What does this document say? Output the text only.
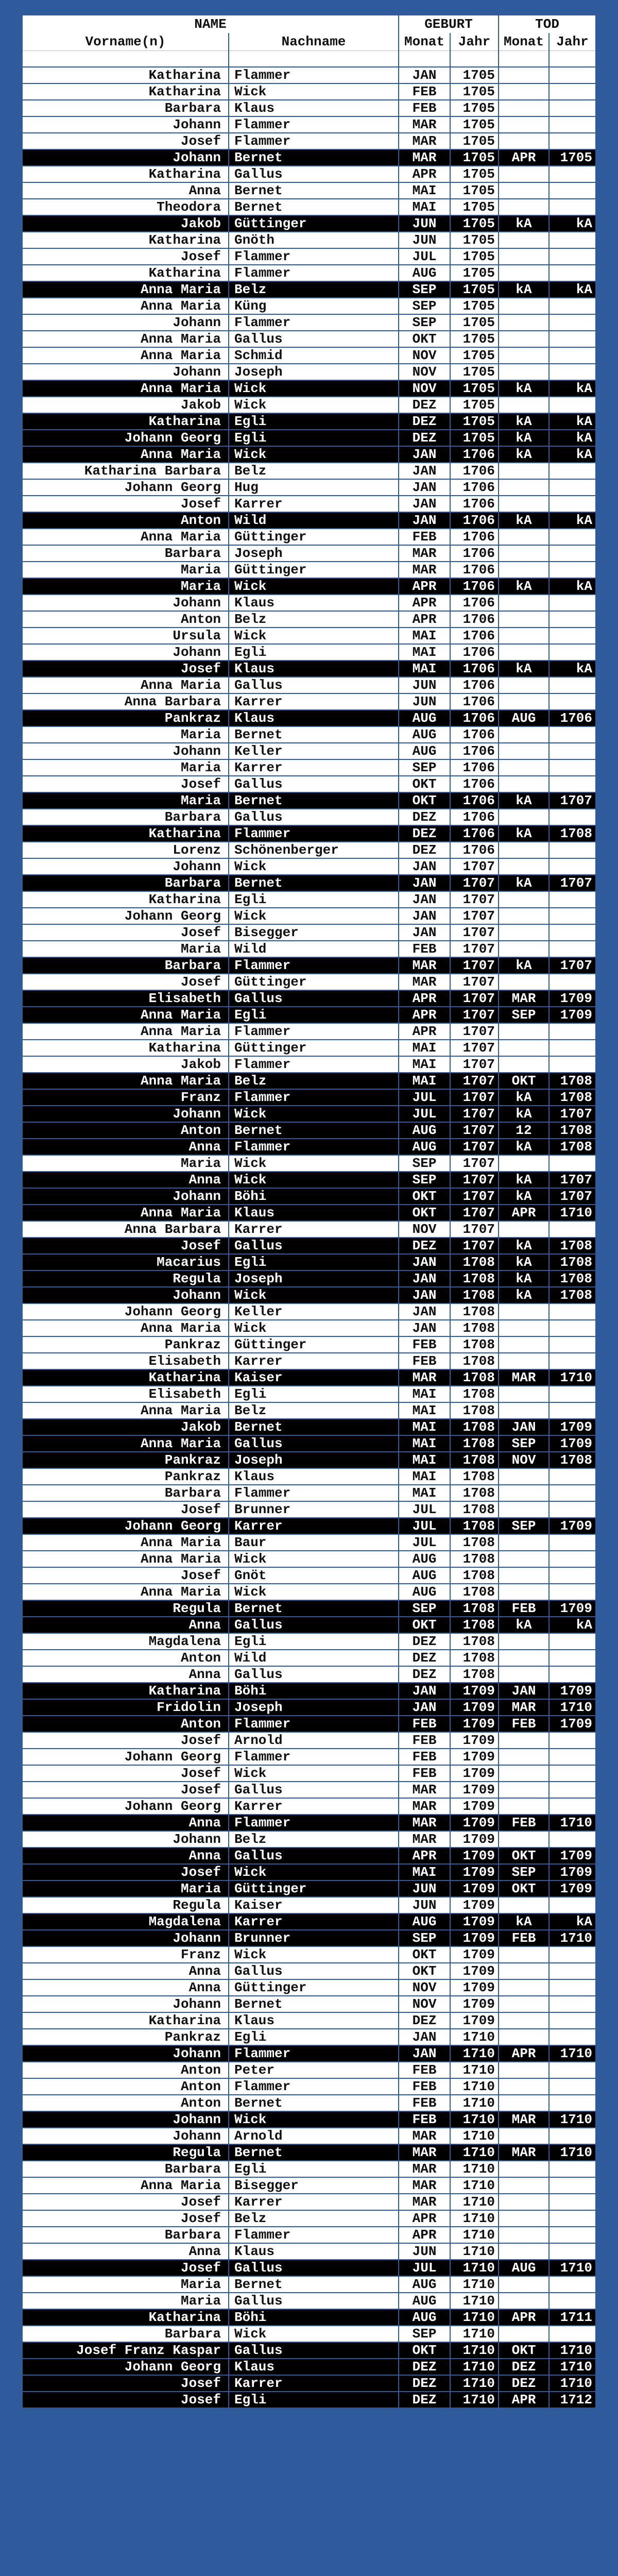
NAME		GEBURT		TOD	
Vorname(n)	Nachname	Monat	Jahr	Monat	Jahr

Katharina	Flammer	JAN	1705		
Katharina	Wick	FEB	1705		
Barbara	Klaus	FEB	1705		
Johann	Flammer	MAR	1705		
Josef	Flammer	MAR	1705		
Johann	Bernet	MAR	1705	APR	1705
Katharina	Gallus	APR	1705		
Anna	Bernet	MAI	1705		
Theodora	Bernet	MAI	1705		
Jakob	Güttinger	JUN	1705	kA	kA
Katharina	Gnöth	JUN	1705		
Josef	Flammer	JUL	1705		
Katharina	Flammer	AUG	1705		
Anna Maria	Belz	SEP	1705	kA	kA
Anna Maria	Küng	SEP	1705		
Johann	Flammer	SEP	1705		
Anna Maria	Gallus	OKT	1705		
Anna Maria	Schmid	NOV	1705		
Johann	Joseph	NOV	1705		
Anna Maria	Wick	NOV	1705	kA	kA
Jakob	Wick	DEZ	1705		
Katharina	Egli	DEZ	1705	kA	kA
Johann Georg	Egli	DEZ	1705	kA	kA
Anna Maria	Wick	JAN	1706	kA	kA
Katharina Barbara	Belz	JAN	1706		
Johann Georg	Hug	JAN	1706		
Josef	Karrer	JAN	1706		
Anton	Wild	JAN	1706	kA	kA
Anna Maria	Güttinger	FEB	1706		
Barbara	Joseph	MAR	1706		
Maria	Güttinger	MAR	1706		
Maria	Wick	APR	1706	kA	kA
Johann	Klaus	APR	1706		
Anton	Belz	APR	1706		
Ursula	Wick	MAI	1706		
Johann	Egli	MAI	1706		
Josef	Klaus	MAI	1706	kA	kA
Anna Maria	Gallus	JUN	1706		
Anna Barbara	Karrer	JUN	1706		
Pankraz	Klaus	AUG	1706	AUG	1706
Maria	Bernet	AUG	1706		
Johann	Keller	AUG	1706		
Maria	Karrer	SEP	1706		
Josef	Gallus	OKT	1706		
Maria	Bernet	OKT	1706	kA	1707
Barbara	Gallus	DEZ	1706		
Katharina	Flammer	DEZ	1706	kA	1708
Lorenz	Schönenberger	DEZ	1706		
Johann	Wick	JAN	1707		
Barbara	Bernet	JAN	1707	kA	1707
Katharina	Egli	JAN	1707		
Johann Georg	Wick	JAN	1707		
Josef	Bisegger	JAN	1707		
Maria	Wild	FEB	1707		
Barbara	Flammer	MAR	1707	kA	1707
Josef	Güttinger	MAR	1707		
Elisabeth	Gallus	APR	1707	MAR	1709
Anna Maria	Egli	APR	1707	SEP	1709
Anna Maria	Flammer	APR	1707		
Katharina	Güttinger	MAI	1707		
Jakob	Flammer	MAI	1707		
Anna Maria	Belz	MAI	1707	OKT	1708
Franz	Flammer	JUL	1707	kA	1708
Johann	Wick	JUL	1707	kA	1707
Anton	Bernet	AUG	1707	12	1708
Anna	Flammer	AUG	1707	kA	1708
Maria	Wick	SEP	1707		
Anna	Wick	SEP	1707	kA	1707
Johann	Böhi	OKT	1707	kA	1707
Anna Maria	Klaus	OKT	1707	APR	1710
Anna Barbara	Karrer	NOV	1707		
Josef	Gallus	DEZ	1707	kA	1708
Macarius	Egli	JAN	1708	kA	1708
Regula	Joseph	JAN	1708	kA	1708
Johann	Wick	JAN	1708	kA	1708
Johann Georg	Keller	JAN	1708		
Anna Maria	Wick	JAN	1708		
Pankraz	Güttinger	FEB	1708		
Elisabeth	Karrer	FEB	1708		
Katharina	Kaiser	MAR	1708	MAR	1710
Elisabeth	Egli	MAI	1708		
Anna Maria	Belz	MAI	1708		
Jakob	Bernet	MAI	1708	JAN	1709
Anna Maria	Gallus	MAI	1708	SEP	1709
Pankraz	Joseph	MAI	1708	NOV	1708
Pankraz	Klaus	MAI	1708		
Barbara	Flammer	MAI	1708		
Josef	Brunner	JUL	1708		
Johann Georg	Karrer	JUL	1708	SEP	1709
Anna Maria	Baur	JUL	1708		
Anna Maria	Wick	AUG	1708		
Josef	Gnöt	AUG	1708		
Anna Maria	Wick	AUG	1708		
Regula	Bernet	SEP	1708	FEB	1709
Anna	Gallus	OKT	1708	kA	kA
Magdalena	Egli	DEZ	1708		
Anton	Wild	DEZ	1708		
Anna	Gallus	DEZ	1708		
Katharina	Böhi	JAN	1709	JAN	1709
Fridolin	Joseph	JAN	1709	MAR	1710
Anton	Flammer	FEB	1709	FEB	1709
Josef	Arnold	FEB	1709		
Johann Georg	Flammer	FEB	1709		
Josef	Wick	FEB	1709		
Josef	Gallus	MAR	1709		
Johann Georg	Karrer	MAR	1709		
Anna	Flammer	MAR	1709	FEB	1710
Johann	Belz	MAR	1709		
Anna	Gallus	APR	1709	OKT	1709
Josef	Wick	MAI	1709	SEP	1709
Maria	Güttinger	JUN	1709	OKT	1709
Regula	Kaiser	JUN	1709		
Magdalena	Karrer	AUG	1709	kA	kA
Johann	Brunner	SEP	1709	FEB	1710
Franz	Wick	OKT	1709		
Anna	Gallus	OKT	1709		
Anna	Güttinger	NOV	1709		
Johann	Bernet	NOV	1709		
Katharina	Klaus	DEZ	1709		
Pankraz	Egli	JAN	1710		
Johann	Flammer	JAN	1710	APR	1710
Anton	Peter	FEB	1710		
Anton	Flammer	FEB	1710		
Anton	Bernet	FEB	1710		
Johann	Wick	FEB	1710	MAR	1710
Johann	Arnold	MAR	1710		
Regula	Bernet	MAR	1710	MAR	1710
Barbara	Egli	MAR	1710		
Anna Maria	Bisegger	MAR	1710		
Josef	Karrer	MAR	1710		
Josef	Belz	APR	1710		
Barbara	Flammer	APR	1710		
Anna	Klaus	JUN	1710		
Josef	Gallus	JUL	1710	AUG	1710
Maria	Bernet	AUG	1710		
Maria	Gallus	AUG	1710		
Katharina	Böhi	AUG	1710	APR	1711
Barbara	Wick	SEP	1710		
Josef Franz Kaspar	Gallus	OKT	1710	OKT	1710
Johann Georg	Klaus	DEZ	1710	DEZ	1710
Josef	Karrer	DEZ	1710	DEZ	1710
Josef	Egli	DEZ	1710	APR	1712
